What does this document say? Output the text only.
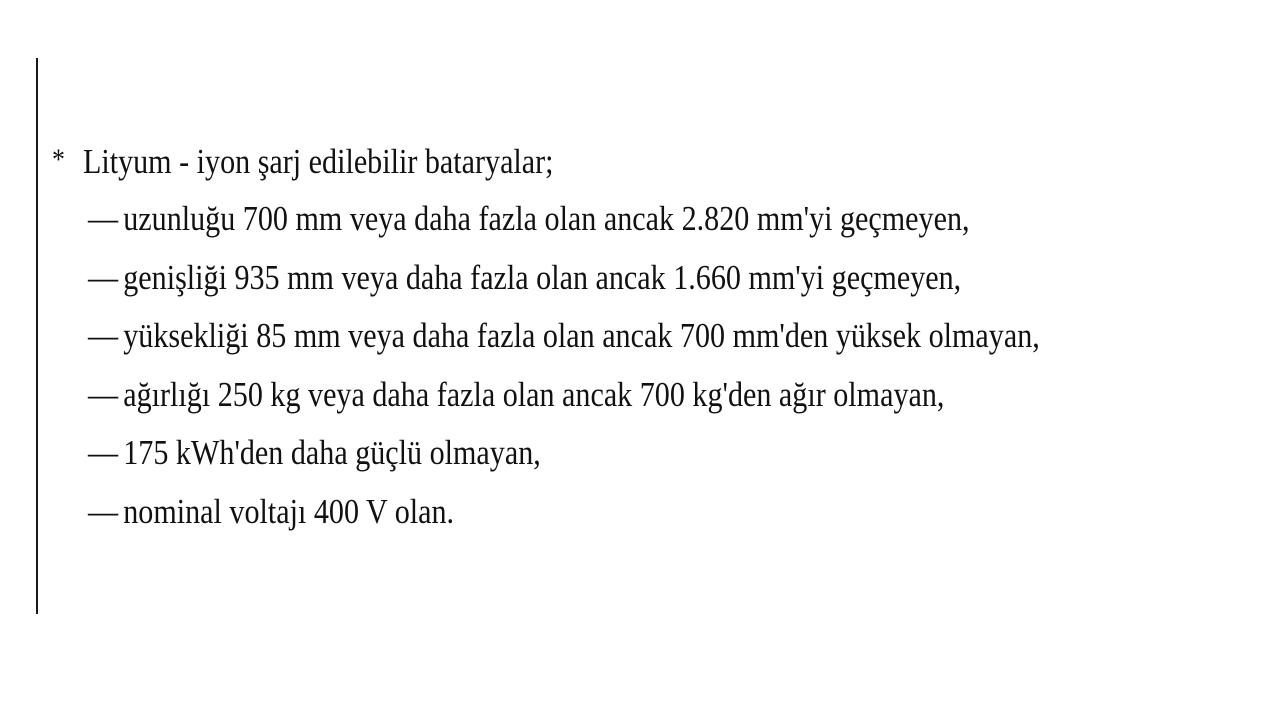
* Lityum - iyon şarj edilebilir bataryalar;
— uzunluğu 700 mm veya daha fazla olan ancak 2.820 mm'yi geçmeyen,
— genişliği 935 mm veya daha fazla olan ancak 1.660 mm'yi geçmeyen,
— yüksekliği 85 mm veya daha fazla olan ancak 700 mm'den yüksek olmayan,
— ağırlığı 250 kg veya daha fazla olan ancak 700 kg'den ağır olmayan,
— 175 kWh'den daha güçlü olmayan,
— nominal voltajı 400 V olan.
